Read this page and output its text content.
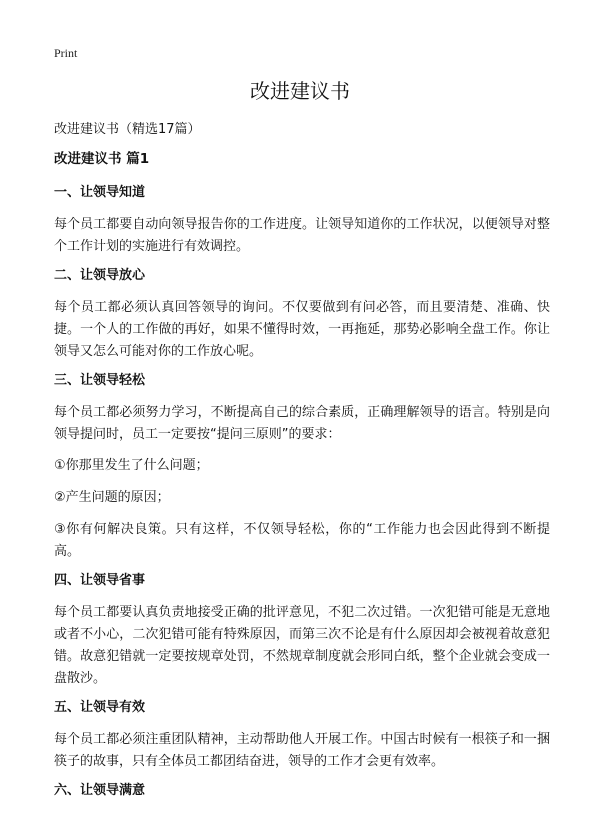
Print
改进建议书
改进建议书（精选17篇）
改进建议书 篇1
一、让领导知道

每个员工都要自动向领导报告你的工作进度。让领导知道你的工作状况，以便领导对整个工作计划的实施进行有效调控。

二、让领导放心

每个员工都必须认真回答领导的询问。不仅要做到有问必答，而且要清楚、准确、快捷。一个人的工作做的再好，如果不懂得时效，一再拖延，那势必影响全盘工作。你让领导又怎么可能对你的工作放心呢。

三、让领导轻松

每个员工都必须努力学习，不断提高自己的综合素质，正确理解领导的语言。特别是向领导提问时，员工一定要按“提问三原则”的要求：

①你那里发生了什么问题；

②产生问题的原因；

③你有何解决良策。只有这样，不仅领导轻松，你的“工作能力也会因此得到不断提高。

四、让领导省事

每个员工都要认真负责地接受正确的批评意见，不犯二次过错。一次犯错可能是无意地或者不小心，二次犯错可能有特殊原因，而第三次不论是有什么原因却会被视着故意犯错。故意犯错就一定要按规章处罚，不然规章制度就会形同白纸，整个企业就会变成一盘散沙。

五、让领导有效

每个员工都必须注重团队精神，主动帮助他人开展工作。中国古时候有一根筷子和一捆筷子的故事，只有全体员工都团结奋进，领导的工作才会更有效率。

六、让领导满意
